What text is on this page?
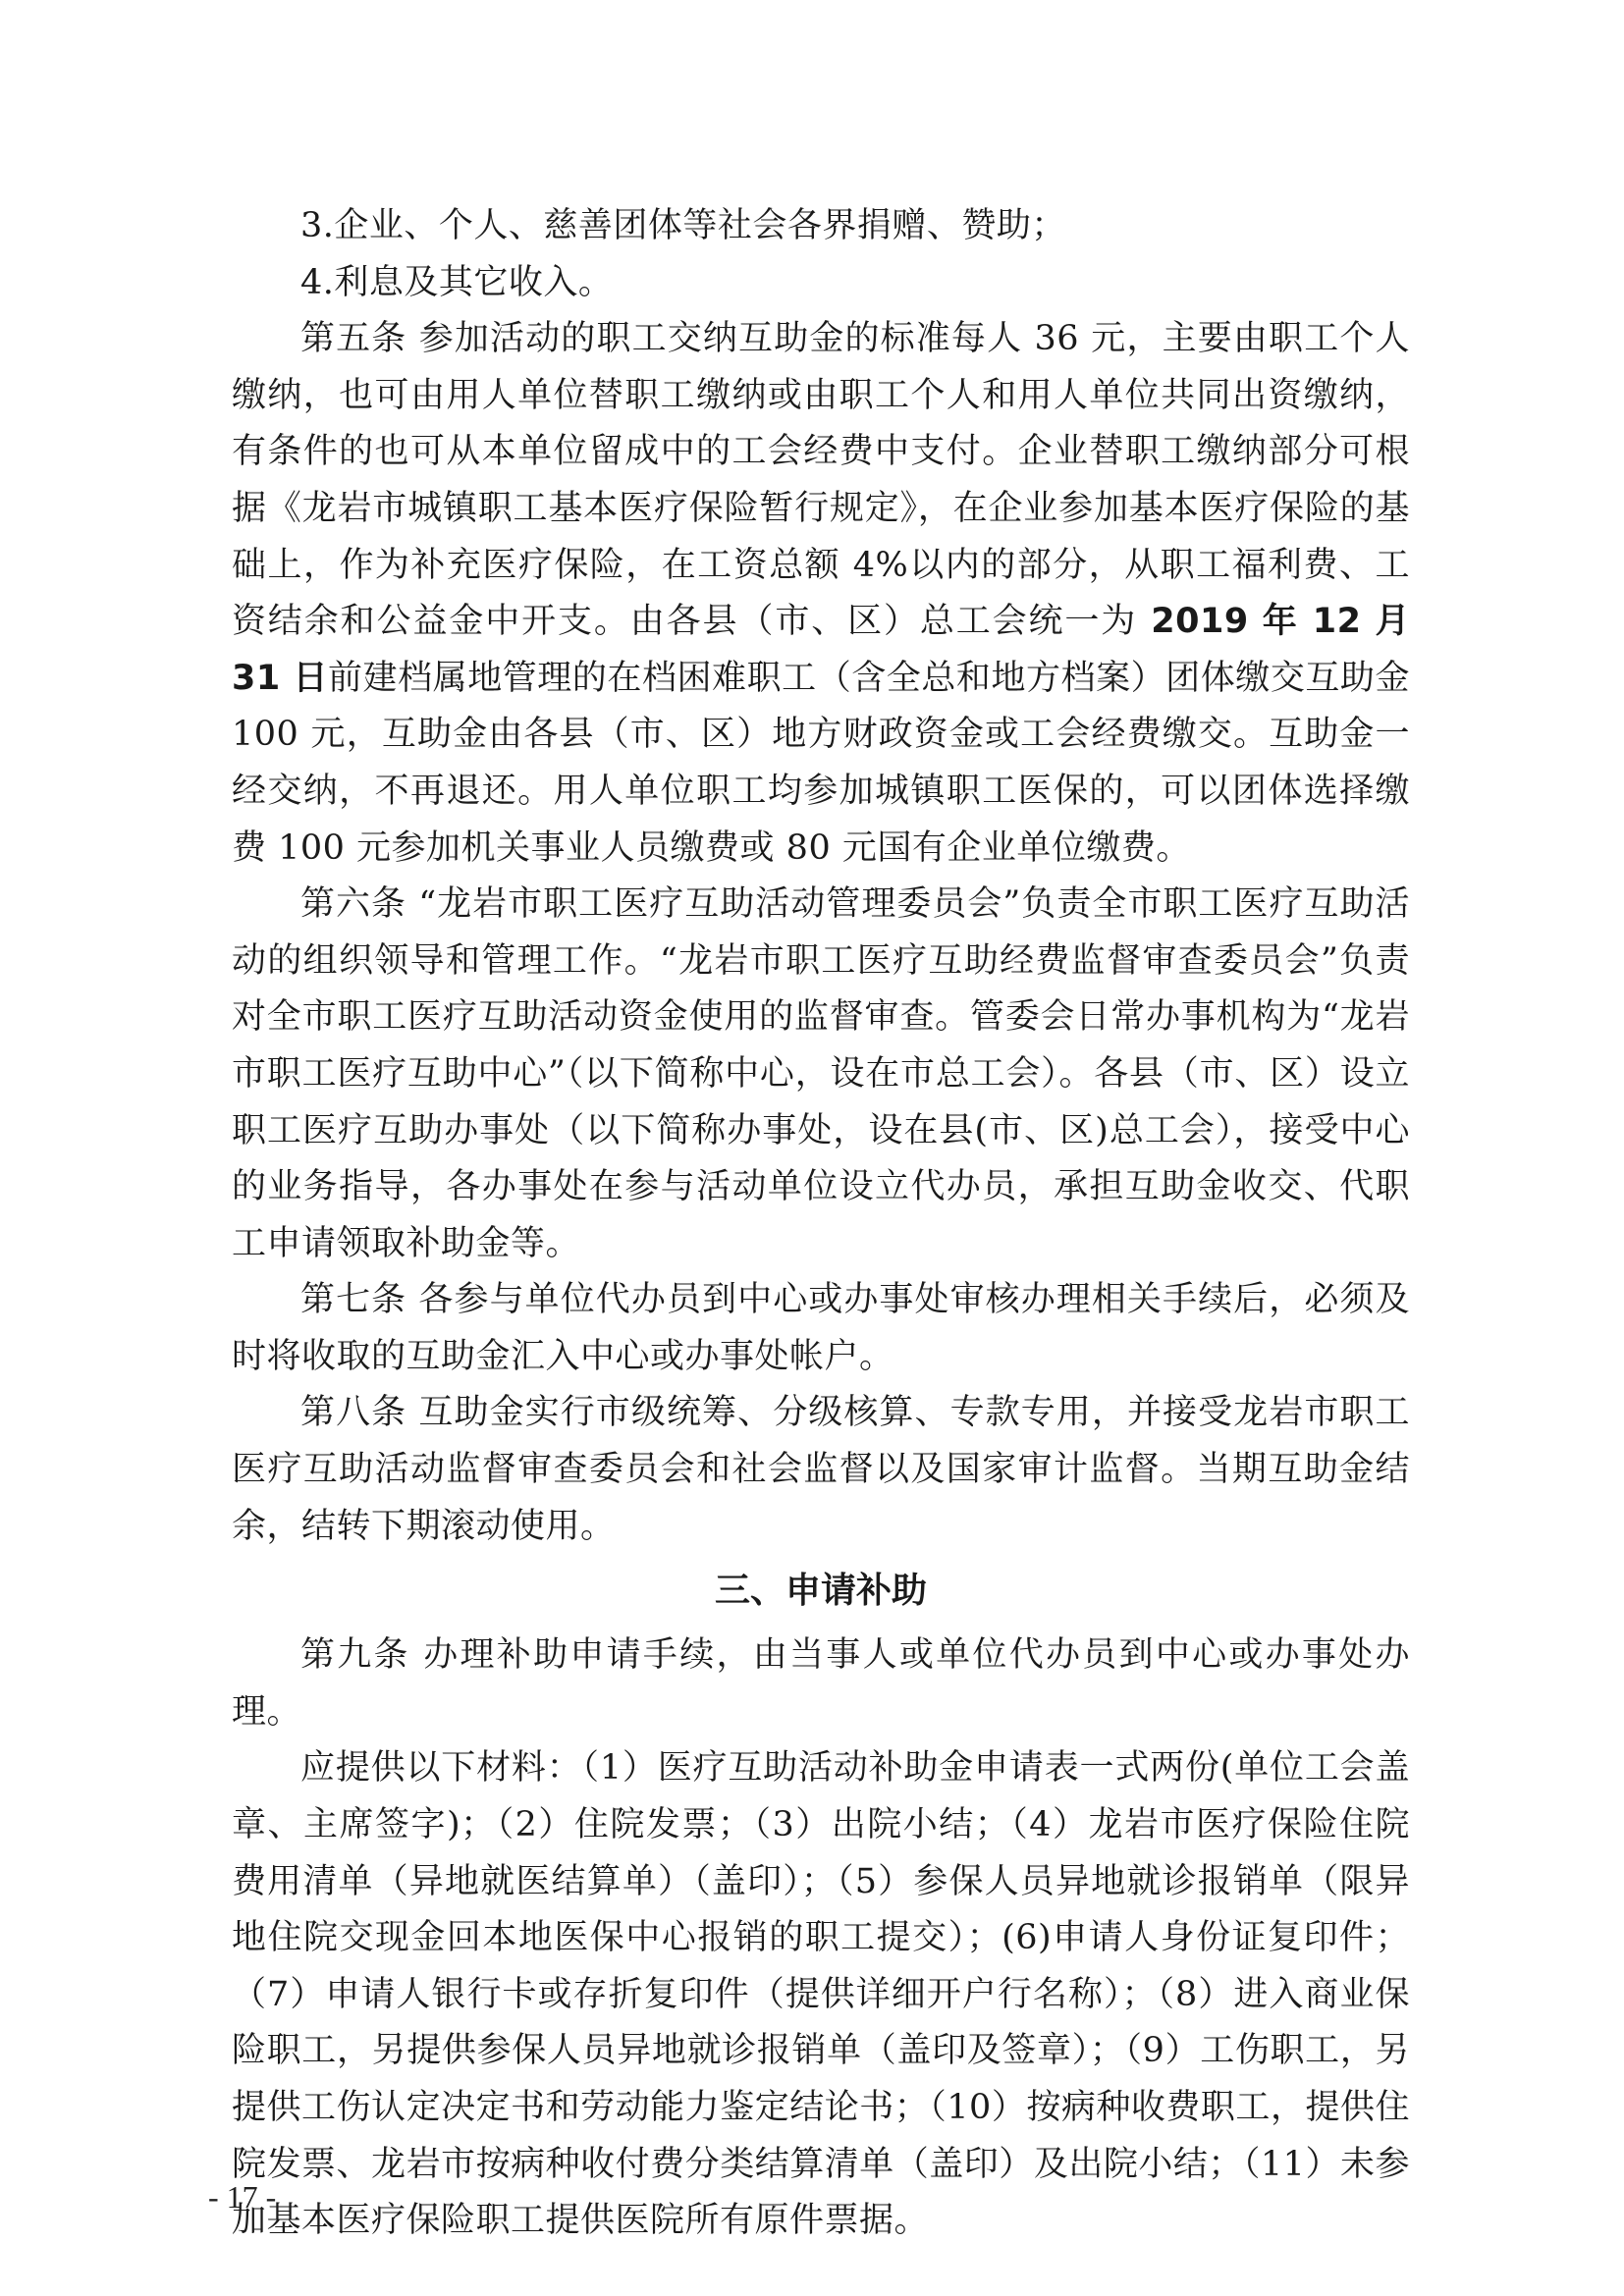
3.企业、个人、慈善团体等社会各界捐赠、赞助；

4.利息及其它收入。

第五条 参加活动的职工交纳互助金的标准每人 36 元，主要由职工个人缴纳，也可由用人单位替职工缴纳或由职工个人和用人单位共同出资缴纳，有条件的也可从本单位留成中的工会经费中支付。企业替职工缴纳部分可根据《龙岩市城镇职工基本医疗保险暂行规定》，在企业参加基本医疗保险的基础上，作为补充医疗保险，在工资总额 4%以内的部分，从职工福利费、工资结余和公益金中开支。由各县（市、区）总工会统一为 2019 年 12 月 31 日前建档属地管理的在档困难职工（含全总和地方档案）团体缴交互助金 100 元，互助金由各县（市、区）地方财政资金或工会经费缴交。互助金一经交纳，不再退还。用人单位职工均参加城镇职工医保的，可以团体选择缴费 100 元参加机关事业人员缴费或 80 元国有企业单位缴费。

第六条 “龙岩市职工医疗互助活动管理委员会”负责全市职工医疗互助活动的组织领导和管理工作。“龙岩市职工医疗互助经费监督审查委员会”负责对全市职工医疗互助活动资金使用的监督审查。管委会日常办事机构为“龙岩市职工医疗互助中心”（以下简称中心，设在市总工会）。各县（市、区）设立职工医疗互助办事处（以下简称办事处，设在县(市、区)总工会），接受中心的业务指导，各办事处在参与活动单位设立代办员，承担互助金收交、代职工申请领取补助金等。

第七条 各参与单位代办员到中心或办事处审核办理相关手续后，必须及时将收取的互助金汇入中心或办事处帐户。

第八条 互助金实行市级统筹、分级核算、专款专用，并接受龙岩市职工医疗互助活动监督审查委员会和社会监督以及国家审计监督。当期互助金结余，结转下期滚动使用。

三、申请补助

第九条 办理补助申请手续，由当事人或单位代办员到中心或办事处办理。

应提供以下材料：（1）医疗互助活动补助金申请表一式两份(单位工会盖章、主席签字)；（2）住院发票；（3）出院小结；（4）龙岩市医疗保险住院费用清单（异地就医结算单）（盖印）；（5）参保人员异地就诊报销单（限异地住院交现金回本地医保中心报销的职工提交）；(6)申请人身份证复印件；（7）申请人银行卡或存折复印件（提供详细开户行名称）；（8）进入商业保险职工，另提供参保人员异地就诊报销单（盖印及签章）；（9）工伤职工，另提供工伤认定决定书和劳动能力鉴定结论书；（10）按病种收费职工，提供住院发票、龙岩市按病种收付费分类结算清单（盖印）及出院小结；（11）未参加基本医疗保险职工提供医院所有原件票据。

- 17 -
